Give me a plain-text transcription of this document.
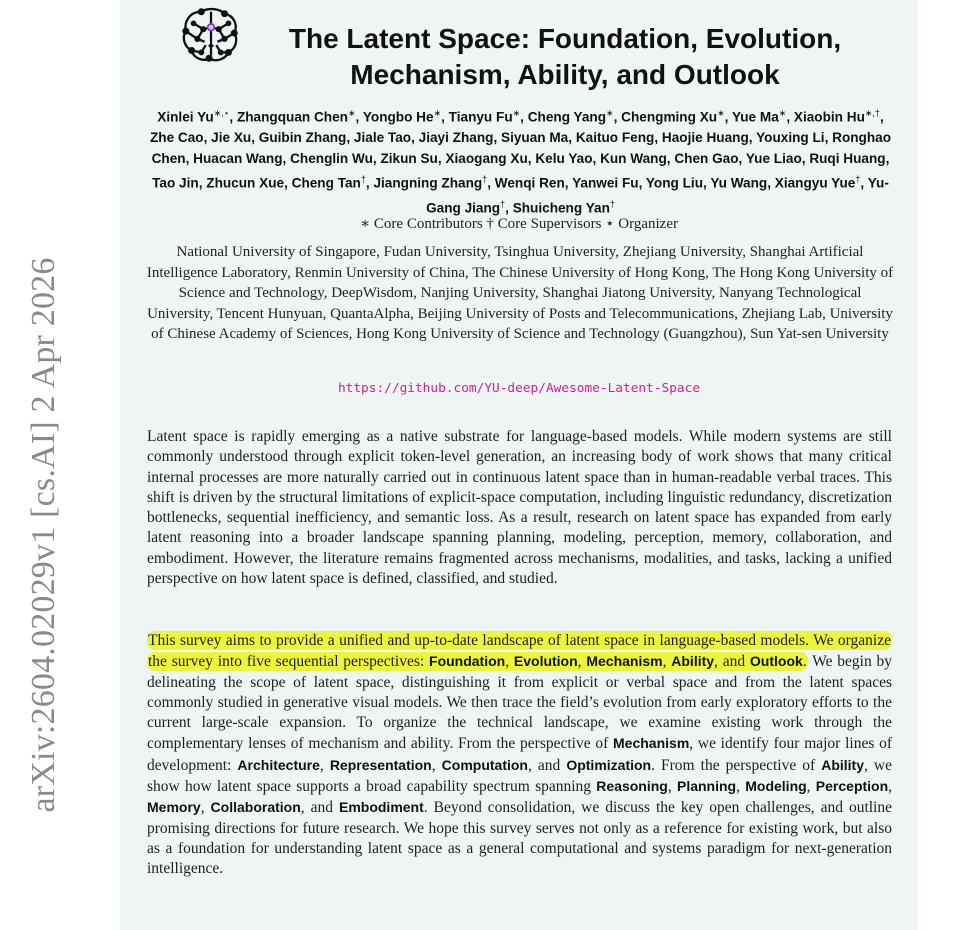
arXiv:2604.02029v1 [cs.AI] 2 Apr 2026
The Latent Space: Foundation, Evolution, Mechanism, Ability, and Outlook
Xinlei Yu∗,⋆, Zhangquan Chen∗, Yongbo He∗, Tianyu Fu∗, Cheng Yang∗, Chengming Xu∗, Yue Ma∗, Xiaobin Hu∗,†, Zhe Cao, Jie Xu, Guibin Zhang, Jiale Tao, Jiayi Zhang, Siyuan Ma, Kaituo Feng, Haojie Huang, Youxing Li, Ronghao Chen, Huacan Wang, Chenglin Wu, Zikun Su, Xiaogang Xu, Kelu Yao, Kun Wang, Chen Gao, Yue Liao, Ruqi Huang, Tao Jin, Zhucun Xue, Cheng Tan†, Jiangning Zhang†, Wenqi Ren, Yanwei Fu, Yong Liu, Yu Wang, Xiangyu Yue†, Yu-Gang Jiang†, Shuicheng Yan†
∗ Core Contributors † Core Supervisors ⋆ Organizer
National University of Singapore, Fudan University, Tsinghua University, Zhejiang University, Shanghai Artificial Intelligence Laboratory, Renmin University of China, The Chinese University of Hong Kong, The Hong Kong University of Science and Technology, DeepWisdom, Nanjing University, Shanghai Jiatong University, Nanyang Technological University, Tencent Hunyuan, QuantaAlpha, Beijing University of Posts and Telecommunications, Zhejiang Lab, University of Chinese Academy of Sciences, Hong Kong University of Science and Technology (Guangzhou), Sun Yat-sen University
https://github.com/YU-deep/Awesome-Latent-Space
Latent space is rapidly emerging as a native substrate for language-based models. While modern systems are still commonly understood through explicit token-level generation, an increasing body of work shows that many critical internal processes are more naturally carried out in continuous latent space than in human-readable verbal traces. This shift is driven by the structural limitations of explicit-space computation, including linguistic redundancy, discretization bottlenecks, sequential inefficiency, and semantic loss. As a result, research on latent space has expanded from early latent reasoning into a broader landscape spanning planning, modeling, perception, memory, collaboration, and embodiment. However, the literature remains fragmented across mechanisms, modalities, and tasks, lacking a unified perspective on how latent space is defined, classified, and studied.
This survey aims to provide a unified and up-to-date landscape of latent space in language-based models. We organize the survey into five sequential perspectives: Foundation, Evolution, Mechanism, Ability, and Outlook. We begin by delineating the scope of latent space, distinguishing it from explicit or verbal space and from the latent spaces commonly studied in generative visual models. We then trace the field’s evolution from early exploratory efforts to the current large-scale expansion. To organize the technical landscape, we examine existing work through the complementary lenses of mechanism and ability. From the perspective of Mechanism, we identify four major lines of development: Architecture, Representation, Computation, and Optimization. From the perspective of Ability, we show how latent space supports a broad capability spectrum spanning Reasoning, Planning, Modeling, Perception, Memory, Collaboration, and Embodiment. Beyond consolidation, we discuss the key open challenges, and outline promising directions for future research. We hope this survey serves not only as a reference for existing work, but also as a foundation for understanding latent space as a general computational and systems paradigm for next-generation intelligence.
